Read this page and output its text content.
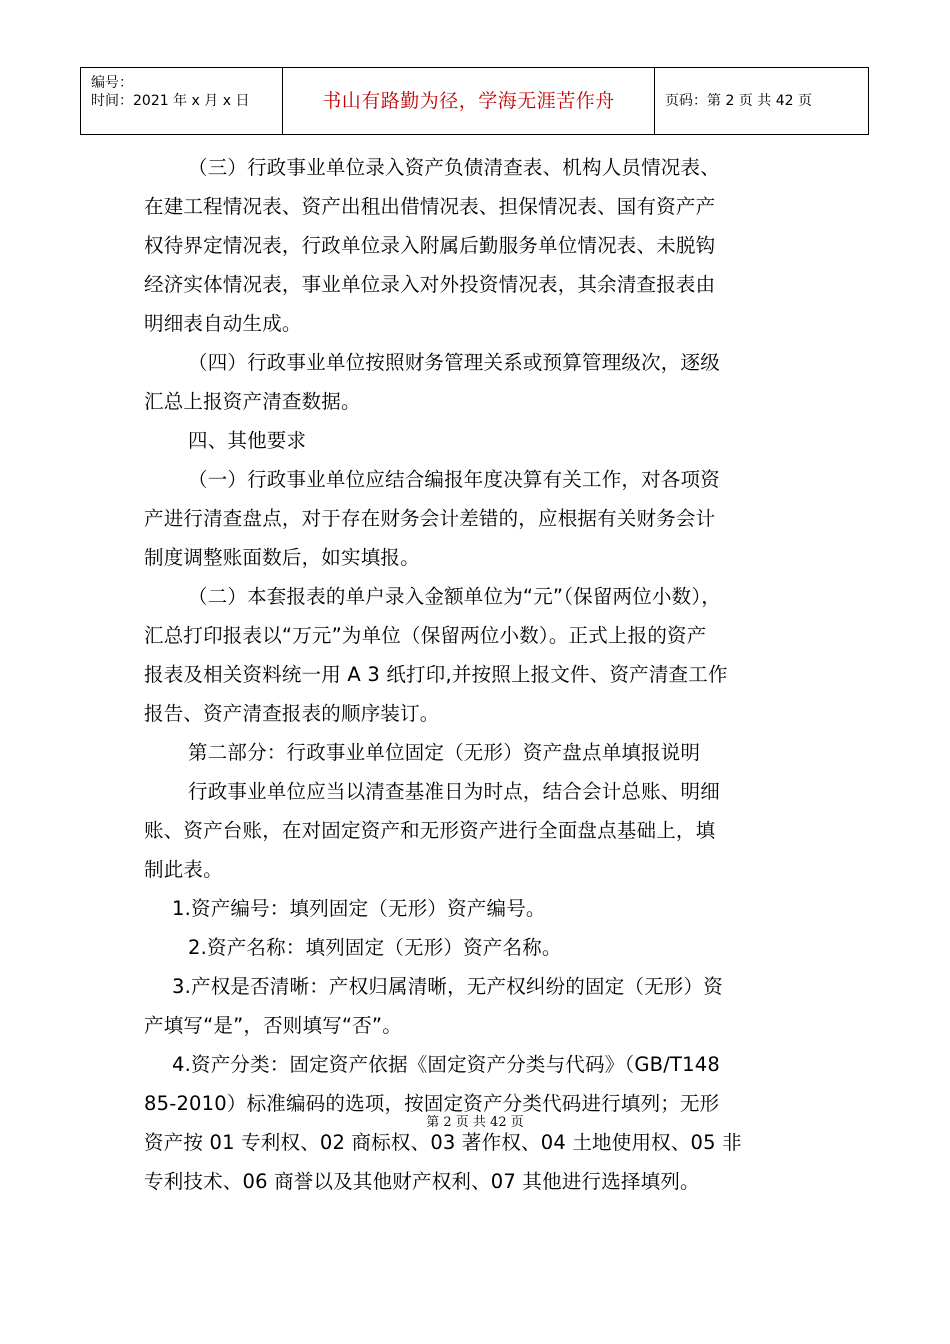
编号：
时间：2021 年 x 月 x 日	书山有路勤为径，学海无涯苦作舟	页码：第 2 页 共 42 页

（三）行政事业单位录入资产负债清查表、机构人员情况表、

在建工程情况表、资产出租出借情况表、担保情况表、国有资产产

权待界定情况表，行政单位录入附属后勤服务单位情况表、未脱钩

经济实体情况表，事业单位录入对外投资情况表，其余清查报表由

明细表自动生成。

（四）行政事业单位按照财务管理关系或预算管理级次，逐级

汇总上报资产清查数据。

四、其他要求

（一）行政事业单位应结合编报年度决算有关工作，对各项资

产进行清查盘点，对于存在财务会计差错的，应根据有关财务会计

制度调整账面数后，如实填报。

（二）本套报表的单户录入金额单位为“元”（保留两位小数），

汇总打印报表以“万元”为单位（保留两位小数）。正式上报的资产

报表及相关资料统一用 A 3 纸打印,并按照上报文件、资产清查工作

报告、资产清查报表的顺序装订。

第二部分：行政事业单位固定（无形）资产盘点单填报说明

行政事业单位应当以清查基准日为时点，结合会计总账、明细

账、资产台账，在对固定资产和无形资产进行全面盘点基础上，填

制此表。

1.资产编号：填列固定（无形）资产编号。

2.资产名称：填列固定（无形）资产名称。

3.产权是否清晰：产权归属清晰，无产权纠纷的固定（无形）资

产填写“是”，否则填写“否”。

4.资产分类：固定资产依据《固定资产分类与代码》（GB/T148

85-2010）标准编码的选项，按固定资产分类代码进行填列；无形

资产按 01 专利权、02 商标权、03 著作权、04 土地使用权、05 非

专利技术、06 商誉以及其他财产权利、07 其他进行选择填列。

第 2 页 共 42 页
